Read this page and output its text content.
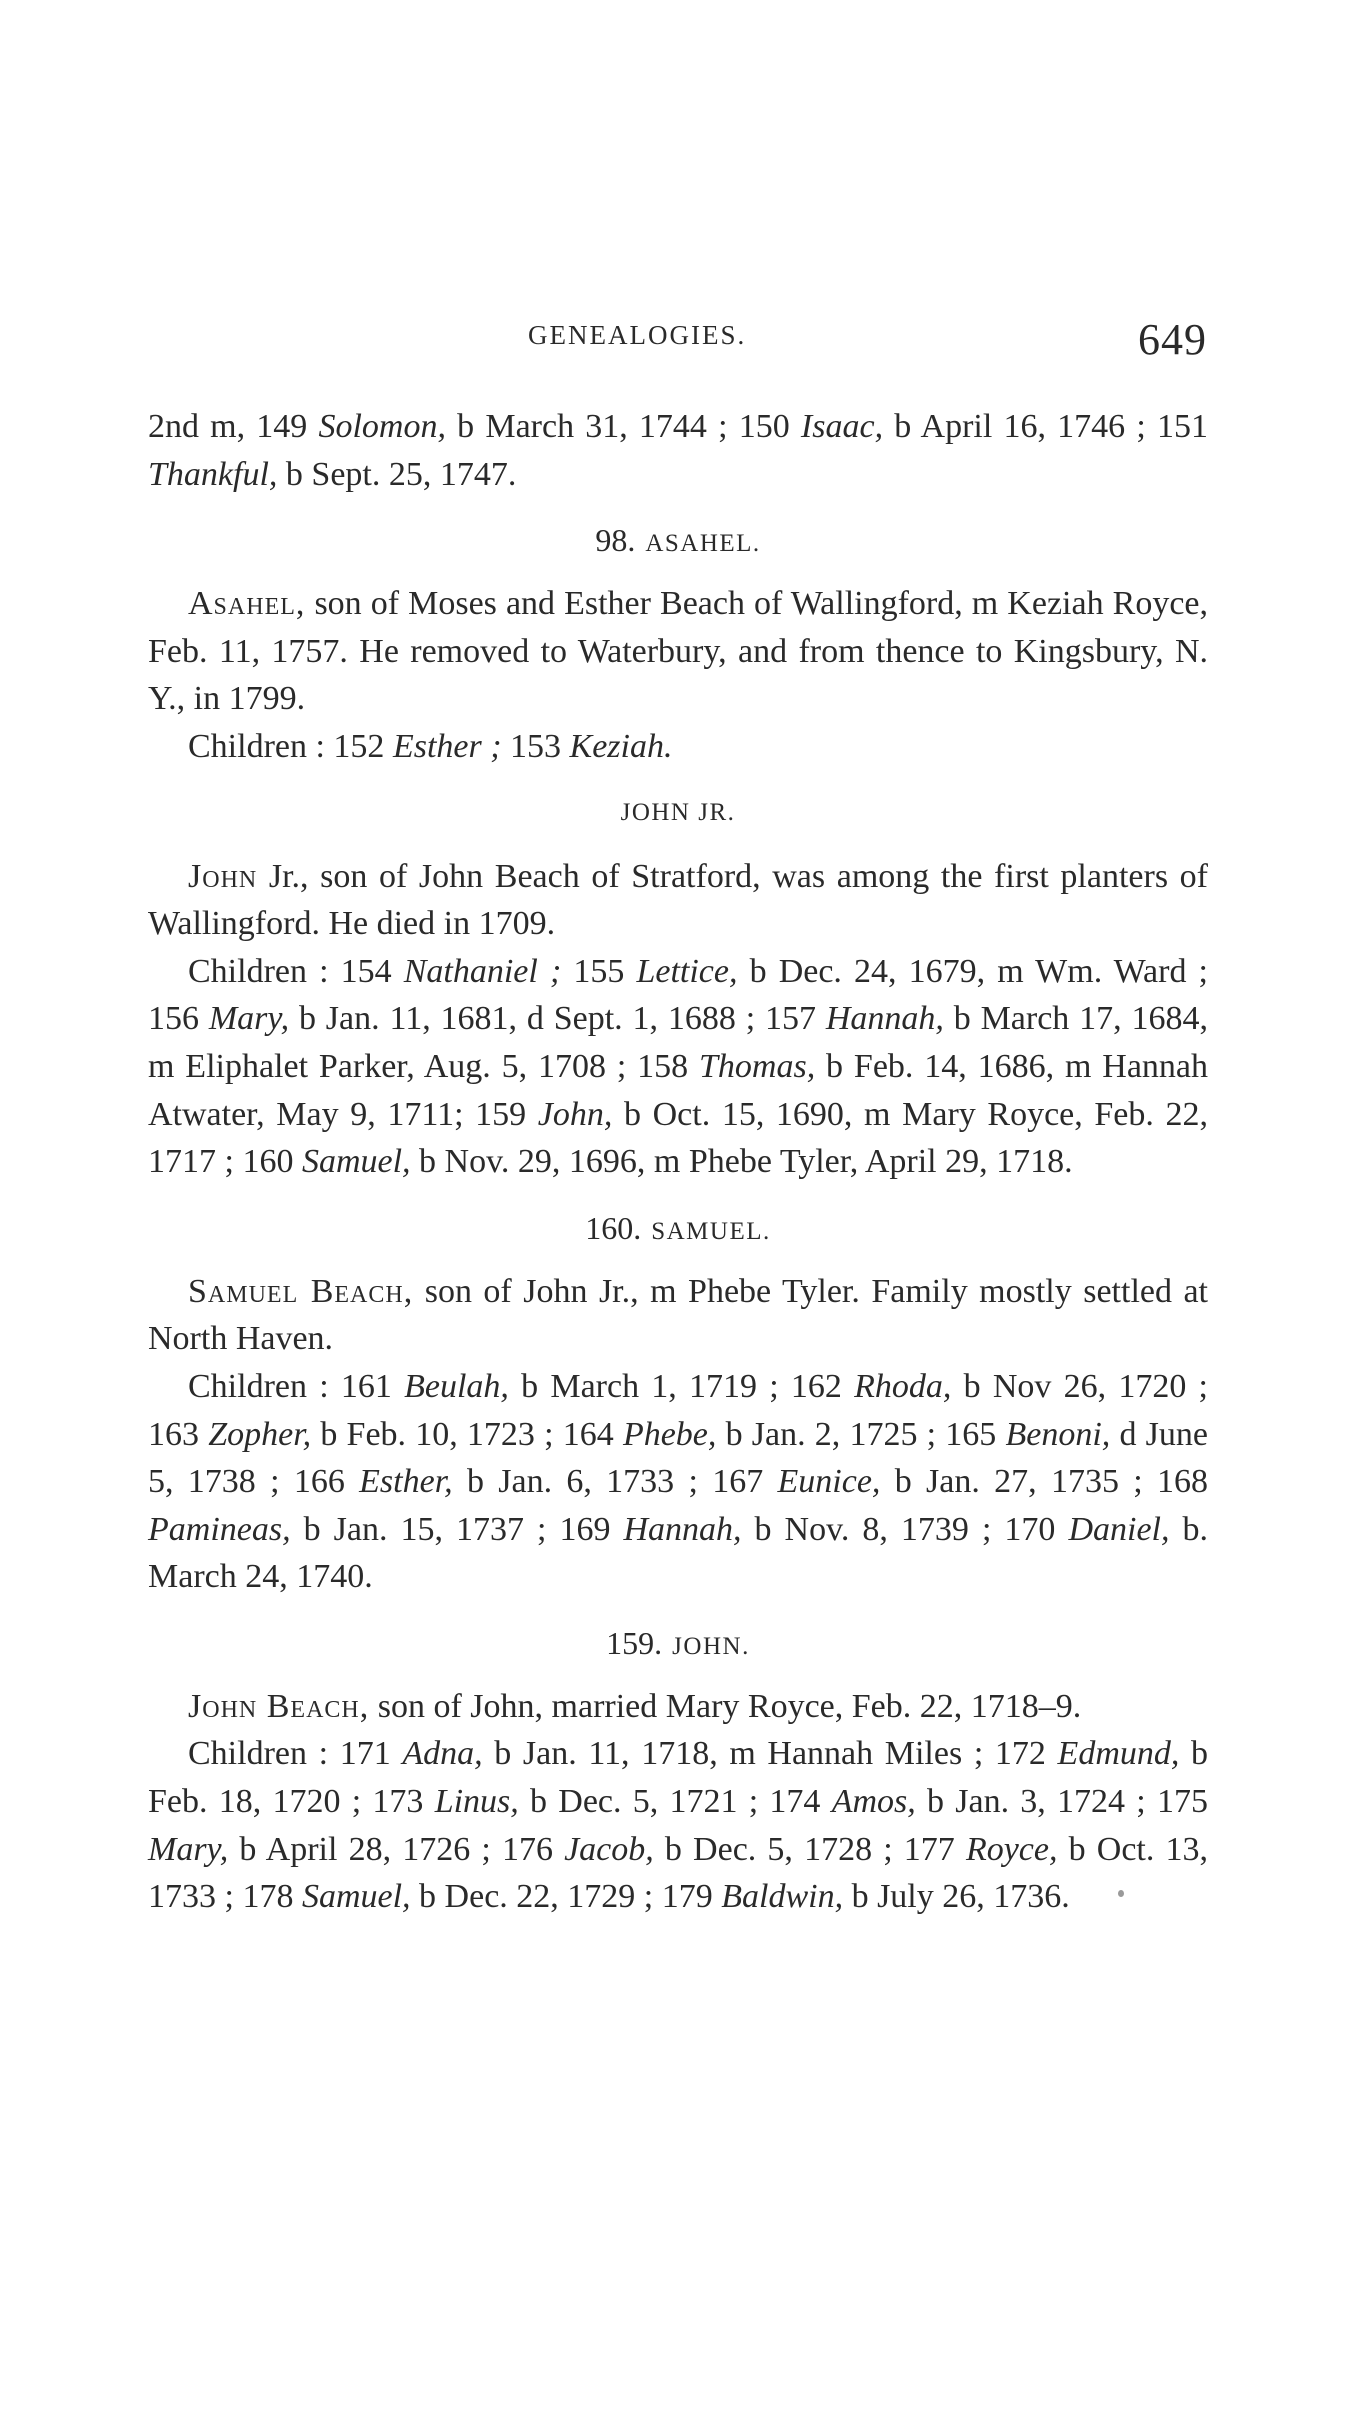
GENEALOGIES.	649

2nd m, 149 Solomon, b March 31, 1744 ; 150 Isaac, b April 16, 1746 ; 151 Thankful, b Sept. 25, 1747.

98. ASAHEL.

Asahel, son of Moses and Esther Beach of Wallingford, m Keziah Royce, Feb. 11, 1757. He removed to Waterbury, and from thence to Kingsbury, N. Y., in 1799.

Children : 152 Esther ; 153 Keziah.

JOHN JR.

John Jr., son of John Beach of Stratford, was among the first planters of Wallingford. He died in 1709.

Children : 154 Nathaniel ; 155 Lettice, b Dec. 24, 1679, m Wm. Ward ; 156 Mary, b Jan. 11, 1681, d Sept. 1, 1688 ; 157 Hannah, b March 17, 1684, m Eliphalet Parker, Aug. 5, 1708 ; 158 Thomas, b Feb. 14, 1686, m Hannah Atwater, May 9, 1711; 159 John, b Oct. 15, 1690, m Mary Royce, Feb. 22, 1717 ; 160 Samuel, b Nov. 29, 1696, m Phebe Tyler, April 29, 1718.

160. SAMUEL.

Samuel Beach, son of John Jr., m Phebe Tyler. Family mostly settled at North Haven.

Children : 161 Beulah, b March 1, 1719 ; 162 Rhoda, b Nov 26, 1720 ; 163 Zopher, b Feb. 10, 1723 ; 164 Phebe, b Jan. 2, 1725 ; 165 Benoni, d June 5, 1738 ; 166 Esther, b Jan. 6, 1733 ; 167 Eunice, b Jan. 27, 1735 ; 168 Pamineas, b Jan. 15, 1737 ; 169 Hannah, b Nov. 8, 1739 ; 170 Daniel, b. March 24, 1740.

159. JOHN.

John Beach, son of John, married Mary Royce, Feb. 22, 1718–9.

Children : 171 Adna, b Jan. 11, 1718, m Hannah Miles ; 172 Edmund, b Feb. 18, 1720 ; 173 Linus, b Dec. 5, 1721 ; 174 Amos, b Jan. 3, 1724 ; 175 Mary, b April 28, 1726 ; 176 Jacob, b Dec. 5, 1728 ; 177 Royce, b Oct. 13, 1733 ; 178 Samuel, b Dec. 22, 1729 ; 179 Baldwin, b July 26, 1736.
